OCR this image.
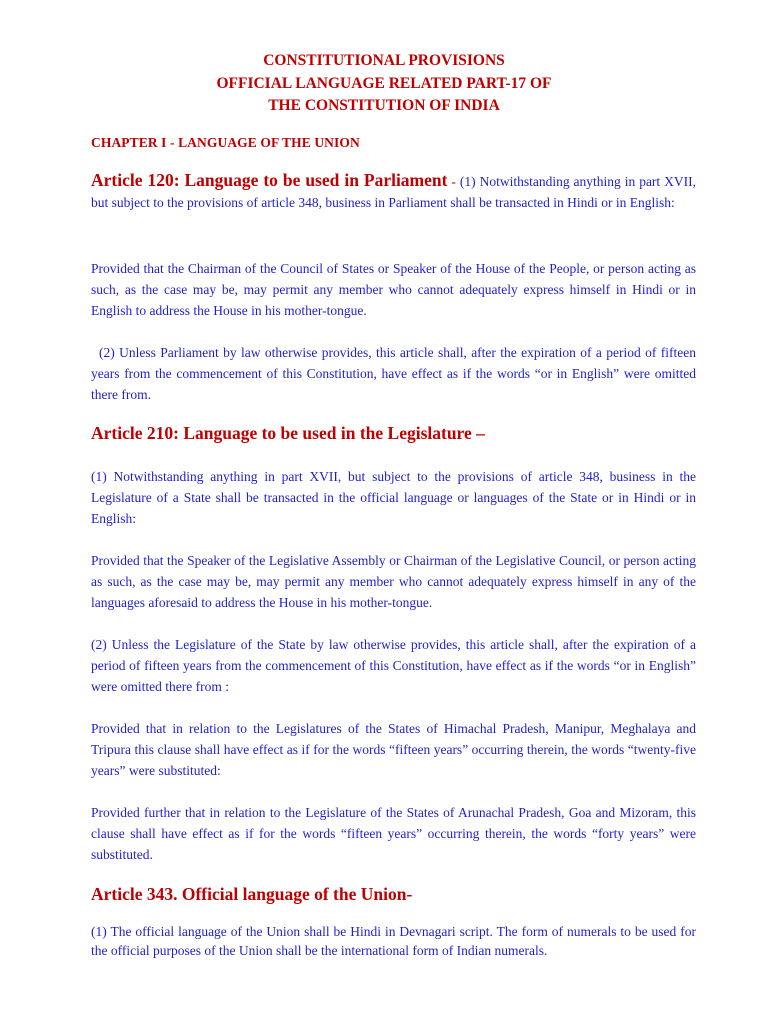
CONSTITUTIONAL PROVISIONS
OFFICIAL LANGUAGE RELATED PART-17 OF
THE CONSTITUTION OF INDIA
CHAPTER I - LANGUAGE OF THE UNION

Article 120: Language to be used in Parliament - (1) Notwithstanding anything in part XVII, but subject to the provisions of article 348, business in Parliament shall be transacted in Hindi or in English:

Provided that the Chairman of the Council of States or Speaker of the House of the People, or person acting as such, as the case may be, may permit any member who cannot adequately express himself in Hindi or in English to address the House in his mother-tongue.

(2) Unless Parliament by law otherwise provides, this article shall, after the expiration of a period of fifteen years from the commencement of this Constitution, have effect as if the words “or in English” were omitted there from.

Article 210: Language to be used in the Legislature –

(1) Notwithstanding anything in part XVII, but subject to the provisions of article 348, business in the Legislature of a State shall be transacted in the official language or languages of the State or in Hindi or in English:

Provided that the Speaker of the Legislative Assembly or Chairman of the Legislative Council, or person acting as such, as the case may be, may permit any member who cannot adequately express himself in any of the languages aforesaid to address the House in his mother-tongue.

(2) Unless the Legislature of the State by law otherwise provides, this article shall, after the expiration of a period of fifteen years from the commencement of this Constitution, have effect as if the words “or in English” were omitted there from :

Provided that in relation to the Legislatures of the States of Himachal Pradesh, Manipur, Meghalaya and Tripura this clause shall have effect as if for the words “fifteen years” occurring therein, the words “twenty-five years” were substituted:

Provided further that in relation to the Legislature of the States of Arunachal Pradesh, Goa and Mizoram, this clause shall have effect as if for the words “fifteen years” occurring therein, the words “forty years” were substituted.

Article 343. Official language of the Union-

(1) The official language of the Union shall be Hindi in Devnagari script. The form of numerals to be used for the official purposes of the Union shall be the international form of Indian numerals.
